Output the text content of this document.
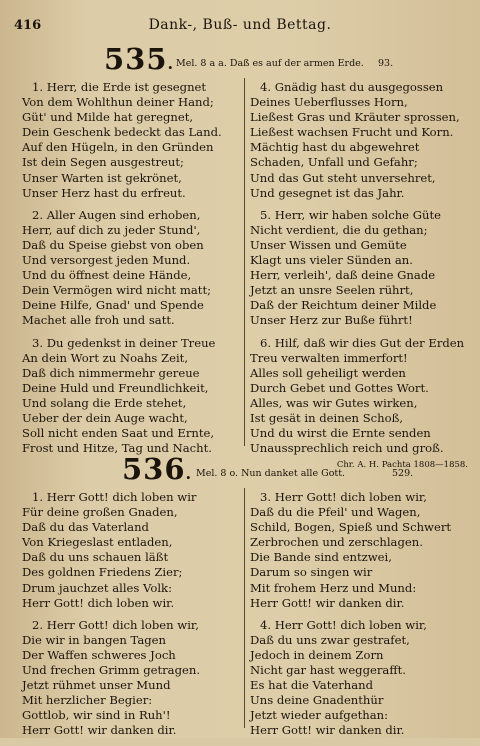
416	Dank-, Buß- und Bettag.
535. Mel. 8 a a. Daß es auf der armen Erde. 93.
1. Herr, die Erde ist gesegnet
Von dem Wohlthun deiner Hand;
Güt' und Milde hat geregnet,
Dein Geschenk bedeckt das Land.
Auf den Hügeln, in den Gründen
Ist dein Segen ausgestreut;
Unser Warten ist gekrönet,
Unser Herz hast du erfreut.
2. Aller Augen sind erhoben,
Herr, auf dich zu jeder Stund',
Daß du Speise giebst von oben
Und versorgest jeden Mund.
Und du öffnest deine Hände,
Dein Vermögen wird nicht matt;
Deine Hilfe, Gnad' und Spende
Machet alle froh und satt.
3. Du gedenkst in deiner Treue
An dein Wort zu Noahs Zeit,
Daß dich nimmermehr gereue
Deine Huld und Freundlichkeit,
Und solang die Erde stehet,
Ueber der dein Auge wacht,
Soll nicht enden Saat und Ernte,
Frost und Hitze, Tag und Nacht.
4. Gnädig hast du ausgegossen
Deines Ueberflusses Horn,
Ließest Gras und Kräuter sprossen,
Ließest wachsen Frucht und Korn.
Mächtig hast du abgewehret
Schaden, Unfall und Gefahr;
Und das Gut steht unversehret,
Und gesegnet ist das Jahr.
5. Herr, wir haben solche Güte
Nicht verdient, die du gethan;
Unser Wissen und Gemüte
Klagt uns vieler Sünden an.
Herr, verleih', daß deine Gnade
Jetzt an unsre Seelen rührt,
Daß der Reichtum deiner Milde
Unser Herz zur Buße führt!
6. Hilf, daß wir dies Gut der Erden
Treu verwalten immerfort!
Alles soll geheiligt werden
Durch Gebet und Gottes Wort.
Alles, was wir Gutes wirken,
Ist gesät in deinen Schoß,
Und du wirst die Ernte senden
Unaussprechlich reich und groß.
Chr. A. H. Pachta 1808—1858.
536. Mel. 8 o. Nun danket alle Gott.	529.
1. Herr Gott! dich loben wir
Für deine großen Gnaden,
Daß du das Vaterland
Von Kriegeslast entladen,
Daß du uns schauen läßt
Des goldnen Friedens Zier;
Drum jauchzet alles Volk:
Herr Gott! dich loben wir.
2. Herr Gott! dich loben wir,
Die wir in bangen Tagen
Der Waffen schweres Joch
Und frechen Grimm getragen.
Jetzt rühmet unser Mund
Mit herzlicher Begier:
Gottlob, wir sind in Ruh'!
Herr Gott! wir danken dir.
3. Herr Gott! dich loben wir,
Daß du die Pfeil' und Wagen,
Schild, Bogen, Spieß und Schwert
Zerbrochen und zerschlagen.
Die Bande sind entzwei,
Darum so singen wir
Mit frohem Herz und Mund:
Herr Gott! wir danken dir.
4. Herr Gott! dich loben wir,
Daß du uns zwar gestrafet,
Jedoch in deinem Zorn
Nicht gar hast weggerafft.
Es hat die Vaterhand
Uns deine Gnadenthür
Jetzt wieder aufgethan:
Herr Gott! wir danken dir.
